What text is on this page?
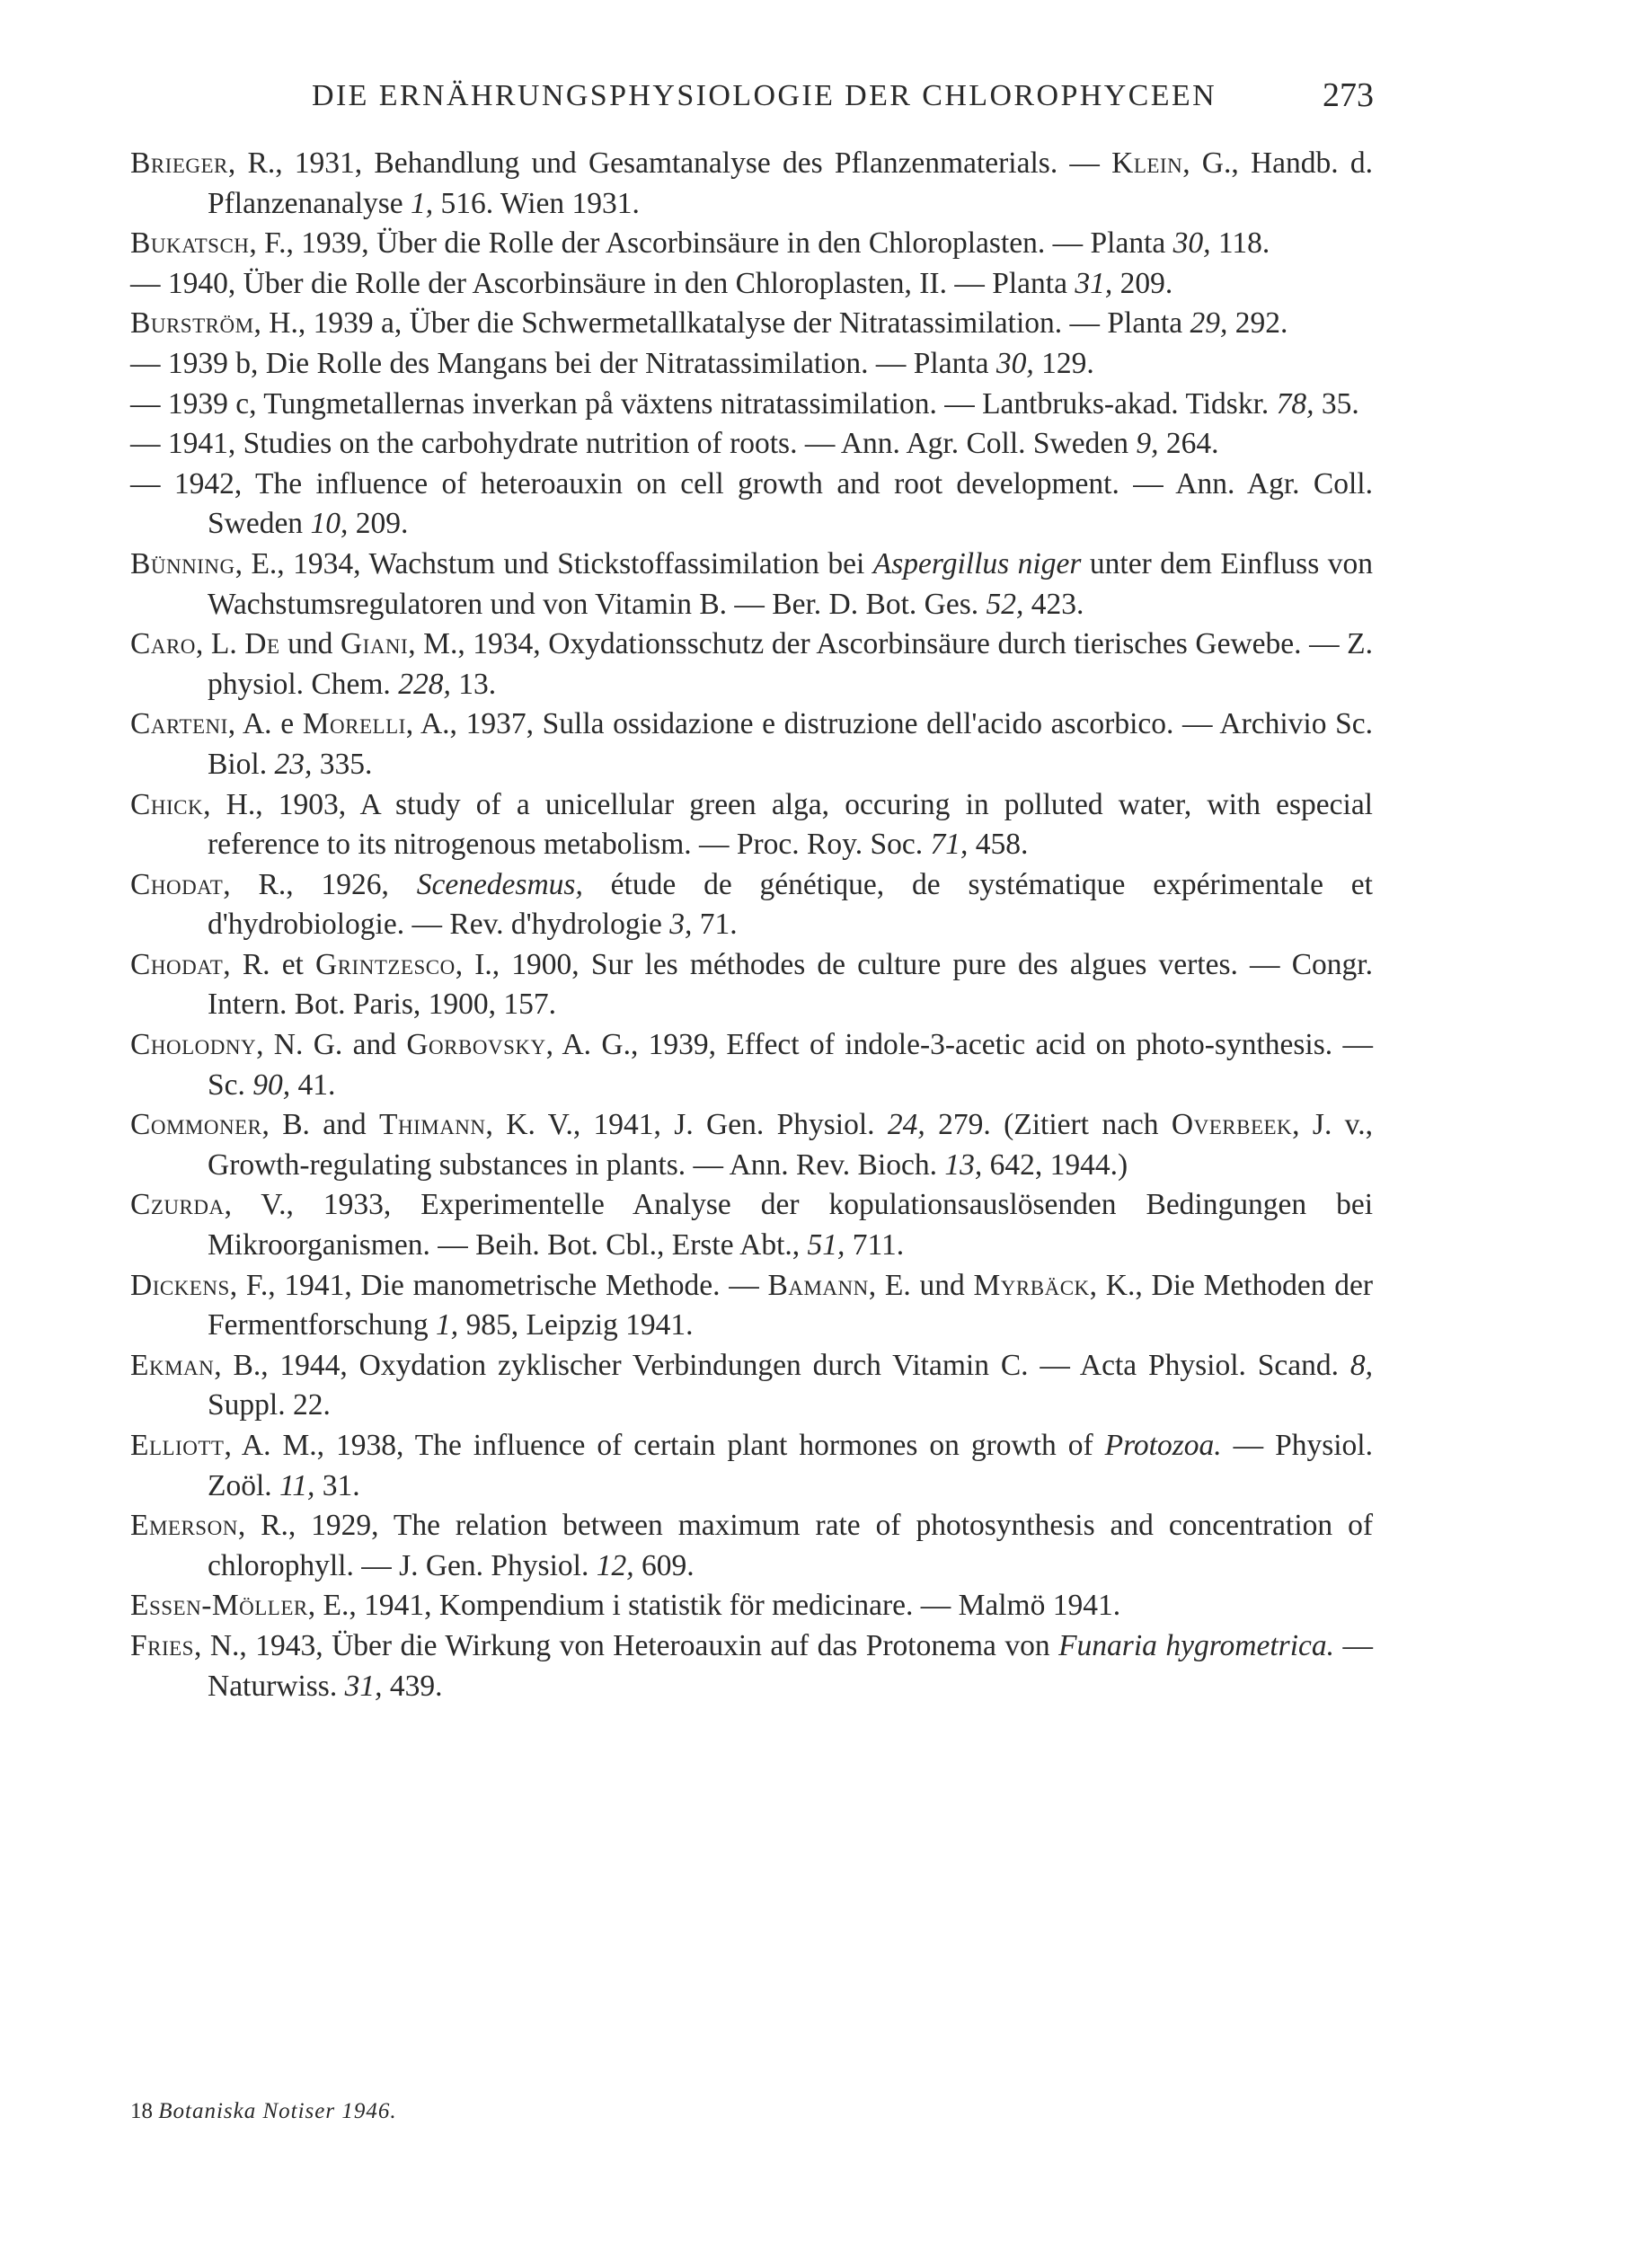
DIE ERNÄHRUNGSPHYSIOLOGIE DER CHLOROPHYCEEN	273
Brieger, R., 1931, Behandlung und Gesamtanalyse des Pflanzenmaterials. — Klein, G., Handb. d. Pflanzenanalyse 1, 516. Wien 1931.
Bukatsch, F., 1939, Über die Rolle der Ascorbinsäure in den Chloroplasten. — Planta 30, 118.
— 1940, Über die Rolle der Ascorbinsäure in den Chloroplasten, II. — Planta 31, 209.
Burström, H., 1939 a, Über die Schwermetallkatalyse der Nitratassimilation. — Planta 29, 292.
— 1939 b, Die Rolle des Mangans bei der Nitratassimilation. — Planta 30, 129.
— 1939 c, Tungmetallernas inverkan på växtens nitratassimilation. — Lantbruks-akad. Tidskr. 78, 35.
— 1941, Studies on the carbohydrate nutrition of roots. — Ann. Agr. Coll. Sweden 9, 264.
— 1942, The influence of heteroauxin on cell growth and root development. — Ann. Agr. Coll. Sweden 10, 209.
Bünning, E., 1934, Wachstum und Stickstoffassimilation bei Aspergillus niger unter dem Einfluss von Wachstumsregulatoren und von Vitamin B. — Ber. D. Bot. Ges. 52, 423.
Caro, L. De und Giani, M., 1934, Oxydationsschutz der Ascorbinsäure durch tierisches Gewebe. — Z. physiol. Chem. 228, 13.
Carteni, A. e Morelli, A., 1937, Sulla ossidazione e distruzione dell'acido ascorbico. — Archivio Sc. Biol. 23, 335.
Chick, H., 1903, A study of a unicellular green alga, occuring in polluted water, with especial reference to its nitrogenous metabolism. — Proc. Roy. Soc. 71, 458.
Chodat, R., 1926, Scenedesmus, étude de génétique, de systématique expérimentale et d'hydrobiologie. — Rev. d'hydrologie 3, 71.
Chodat, R. et Grintzesco, I., 1900, Sur les méthodes de culture pure des algues vertes. — Congr. Intern. Bot. Paris, 1900, 157.
Cholodny, N. G. and Gorbovsky, A. G., 1939, Effect of indole-3-acetic acid on photo-synthesis. — Sc. 90, 41.
Commoner, B. and Thimann, K. V., 1941, J. Gen. Physiol. 24, 279. (Zitiert nach Overbeek, J. v., Growth-regulating substances in plants. — Ann. Rev. Bioch. 13, 642, 1944.)
Czurda, V., 1933, Experimentelle Analyse der kopulationsauslösenden Bedingungen bei Mikroorganismen. — Beih. Bot. Cbl., Erste Abt., 51, 711.
Dickens, F., 1941, Die manometrische Methode. — Bamann, E. und Myrbäck, K., Die Methoden der Fermentforschung 1, 985, Leipzig 1941.
Ekman, B., 1944, Oxydation zyklischer Verbindungen durch Vitamin C. — Acta Physiol. Scand. 8, Suppl. 22.
Elliott, A. M., 1938, The influence of certain plant hormones on growth of Protozoa. — Physiol. Zoöl. 11, 31.
Emerson, R., 1929, The relation between maximum rate of photosynthesis and concentration of chlorophyll. — J. Gen. Physiol. 12, 609.
Essen-Möller, E., 1941, Kompendium i statistik för medicinare. — Malmö 1941.
Fries, N., 1943, Über die Wirkung von Heteroauxin auf das Protonema von Funaria hygrometrica. — Naturwiss. 31, 439.
18 Botaniska Notiser 1946.
